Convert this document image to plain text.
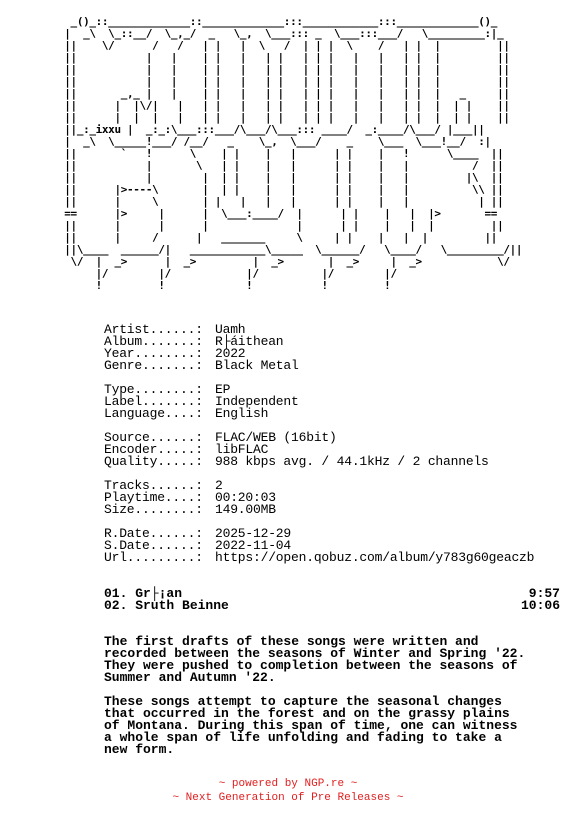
_()_::_____________::_____________:::____________:::_____________()_
|  _\  \_::__/  \_,_/  _   \_,  \___::: _  \___:::___/   \_________:|_
||    \/      /   /   | |   |  \   /  | | |  \    /   | |  |         ||
||           |   |    | |   |   | |   | | |   |   |   | |  |         ||
||           |   |    | |   |   | |   | | |   |   |   | |  |         ||
||           |   |    | |   |   | |   | | |   |   |   | |  |         ||
||       _,_ |   |    | |   |   | |   | | |   |   |   | |  |   _     ||
||      |  |\/|   |   | |   |   | |   | | |   |   |   | |  |  | |    ||
||      |  |  |   |   | |   |   | |   | | |   |   |   | |  |  | |    ||
||_:_ixxu |  _:_:\___:::___/\___/\___::: ____/  _:____/\___/ |___||
|  _\  \_____!___/ /__/   _    \_,  \___/    _    \___  \___!__/  :|
||       `   !      \    | |    |   |      | |    |   !      \____  ||
||           |       \   | |    |   |      | |    |   |          /  ||
||           |        |  | |    |   |      | |    |   |         |\  ||
||      |>----\       |  | |    |   |      | |    |   |          \\ ||
||      |     \       | |   |   |   |      | |    |   |           | ||
==      |>     |      |  \___:____/  |      | |    |   |  |>       ==
||      |      |      |              |      | |    |   |  |         ||
||      |     /      |   _______     \     | |    |   |  |         ||
||\____  ______/|   ____________\_____  \______/   \____/   \_________/||
\/  |  _>      |  _>         |  _>       |  _>     |  _>            \/
|/        |/            |/          |/        |/
!         !             !           !         !
Artist......: Uamh
Album.......: R├áithean
Year........: 2022
Genre.......: Black Metal
Type........: EP
Label.......: Independent
Language....: English
Source......: FLAC/WEB (16bit)
Encoder.....: libFLAC
Quality.....: 988 kbps avg. / 44.1kHz / 2 channels
Tracks......: 2
Playtime....: 00:20:03
Size........: 149.00MB
R.Date......: 2025-12-29
S.Date......: 2022-11-04
Url.........: https://open.qobuz.com/album/y783g60geaczb
01. Gr├¡an	9:57
02. Sruth Beinne	10:06
The first drafts of these songs were written and
recorded between the seasons of Winter and Spring '22.
They were pushed to completion between the seasons of
Summer and Autumn '22.
These songs attempt to capture the seasonal changes
that occurred in the forest and on the grassy plains
of Montana. During this span of time, one can witness
a whole span of life unfolding and fading to take a
new form.
~ powered by NGP.re ~
~ Next Generation of Pre Releases ~
